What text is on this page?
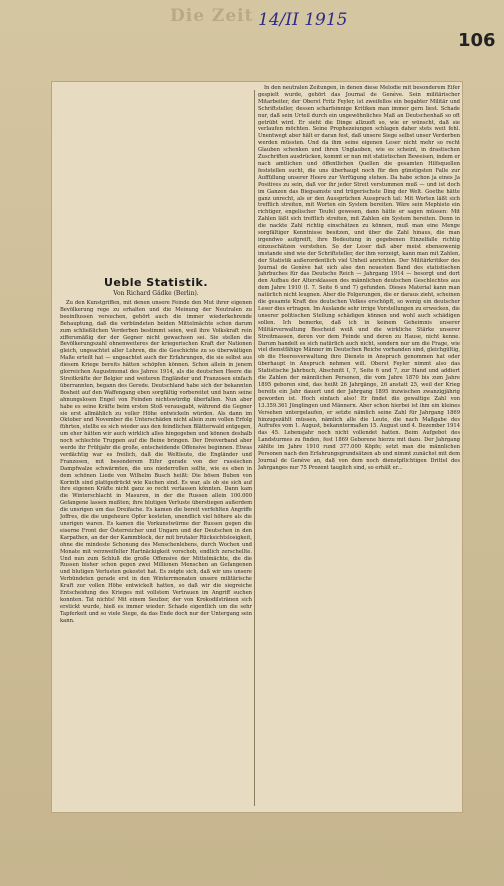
Die Zeit 14/II 1915
106
Ueble Statistik.
Von Richard Gädke (Berlin).

Zu den Kunstgriffen, mit denen unsere Feinde den Mut ihrer eigenen Bevölkerung rege zu erhalten und die Meinung der Neutralen zu beeinflussen versuchen, gehört auch die immer wiederkehrende Behauptung, daß die verbündeten beiden Mittelmächte schon darum zum schließlichen Verderben bestimmt seien, weil ihre Volkskraft rein zifferumäßig der der Gegner nicht gewachsen sei. Sie stellen die Bevölkerungszahl ohnenweiteres der kriegerischen Kraft der Nationen gleich, ungeachtet aller Lehren, die die Geschichte zu so überwältigen Maße erteilt hat — ungeachtet auch der Erfahrungen, die sie selbst aus diesem Kriege bereits hätten schöpfen können. Schon allein in jenem glorreichen Augustmonat des Jahres 1914, als die deutschen Heere die Streitkräfte der Belgier und weiteren Engländer und Franzosen einfach überrannten, begann des Gerede. Deutschland habe sich der bekannten Bosheit auf den Waffengang eben sorgfältig vorbereitet und bann seine ahnungslosen Engel von Feinden nichtswürdig überfallen. Nun aber habe es seine Kräfte beim ersten Stoß verausgabt, während die Gegner sie erst allmählich zu voller Höhe entwickeln würden. Als dann im Oktober und November die Unterschäden nicht allein zum vollen Erfolg führten, stellte es sich wieder aus den feindlichen Blätterwald entgegen, um eher hätten wir auch wirklich alles hingegeben und können deshalb noch schlechte Truppen auf die Beine bringen. Der Dreiverband aber werde ihr Frühjahr die große, entscheidende Offensive beginnen. Etwas verdächtig war es freilich, daß die Weltleute, die Engländer und Franzosen, mit besonderem Eifer gerade von der russischen Dampfwalze schwärmten, die uns niederrollen sollte, wie es eben in dem schönen Liede von Wilhelm Busch heißt: Die bösen Buben von Korinth sind plattgedrückt wie Kuchen sind. Es war, als ob sie sich auf ihre eigenen Kräfte nicht ganz so recht verlassen könnten. Dann kam die Winterschlacht in Masuren, in der die Russen allein 100.000 Gefangene lassen mußten; ihre blutigen Verluste überstiegen außerdem die unsrigen um das Dreifache. Es kamen die bereit verfehlten Angriffe Joffres, die die ungeheure Opfer kosteten, unendlich viel höhere als die unsrigen waren. Es kamen die Vorkunstwürme der Russen gegen die eiserne Front der Österreicher und Ungarn und der Deutschen in den Karpathen, an der der Kammblock, der mit brutaler Rücksichtslosigkeit, ohne die mindeste Schonung des Menschenlebens, durch Wochen und Monate mit verzweifelter Hartnäckigkeit vorschob, endlich zerschellte. Und nun zum Schluß die große Offensive der Mittelmächte, die die Russen bisher schon gegen zwei Millionen Menschen an Gefangenen und blutigen Verlusten gekostet hat. Es zeigte sich, daß wir uns unsere Verbündeten gerade erst in den Winterrmonaten unsere militärische Kraft zur vollen Höhe entwickelt hatten, so daß wir die siegreiche Entscheidung des Krieges mit vollstem Vertrauen im Angriff suchen konnten. Tat nichts! Mit einem Seufzer, der von Krokodilstränen sich erstickt wurde, hieß es immer wieder: Schade eigentlich um die sehr Tapferkeit und so viele Siege, da das Ende doch nur der Untergang sein kann.

In den neutralen Zeitungen, in denen diese Melodie mit besonderem Eifer gespielt wurde, gehört das Journal de Genève. Sein militärischer Mitarbeiter, der Oberst Fritz Feyler, ist zweifellos ein begabter Militär und Schriftsteller, dessen scharfsinnige Kritiken man immer gern liest. Schade nur, daß sein Urteil durch ein ungewöhnliches Maß an Deutschenhaß so oft getrübt wird. Er sieht die Dinge allzuoft so, wie er wünscht, daß sie verlaufen möchten. Seine Prophezeiungen schlagen daher stets weit fehl. Unentwegt aber hält er daran fest, daß unsere Siege selbst unser Verderben werden müssten. Und da ihm seine eigenen Leser nicht mehr so recht Glauben schenken und ihren Unglauben, wie es scheint, in drastischen Zuschriften ausdrücken, kommt er nun mit statistischen Beweisen, indem er nach amtlichen und öffentlichen Quellen die gesamten Hilfsquellen feststellen sucht, die uns überhaupt noch für den günstigsten Falle zur Auffüllung unserer Heere zur Verfügung stehen. Da habe schon ja eines Ja Positives zu sein, daß vor ihr jeder Streit verstummen muß — und ist doch im Ganzen das Biegsamste und trügerischste Ding der Welt. Goethe hätte ganz unrecht, als er den Aussprüchen Ausspruch tat: Mit Worten läßt sich trefflich streiten, mit Worten ein System bereiten. Wäre sein Mephisto ein richtiger, engelischer Teufel gewesen, dann hätte er sagen müssen: Mit Zahlen läßt sich trefflich streiten, mit Zahlen ein System bereiten. Denn in die nackte Zahl richtig einschätzen zu können, muß man eine Menge sorgfältiger Kenntnisse besitzen, und über die Zahl hinaus, die man irgendwo aufgreift, ihre Bedeutung in gegebenen Einzelfalle richtig einzuschätzen verstehen. So der Leser daß aber meist ebensowenig imstande sind wie der Schriftsteller, der ihm vorzeigt, kann man mit Zahlen, der Statistik außerordentlich viel Unheil anrichten. Der Militärkritiker des Journal de Genève hat sich also den neuesten Band des statistischen Jahrbuches für das Deutsche Reich — Jahrgang 1914 — besorgt und dort den Aufbau der Altersklassen des männlichen deutschen Geschlechtes aus dem Jahre 1910 (I. 7. Seite 6 und 7) gefunden. Dieses Material kann man natürlich nicht leugnen. Aber die Folgerungen, die er daraus zieht, scheinen die gesamte Kraft des deutschen Volkes erschöpft, so wenig ein deutscher Leser dies ertragen. Im Auslande sehr irrige Vorstellungen zu erwecken, die unserer politischen Stellung schädigen können und wohl auch schädigen sollen. Ich bemerke, daß ich in keinem Geheimnis unserer Militärverwaltung Bescheid weiß und die wirkliche Stärke unserer Streitmassen, deren vor dem Feinde und deren zu Hause, nicht kenne. Darum handelt es sich natürlich auch nicht, sondern nur um die Frage, wie viel dienstfähige Männer im Deutschen Reiche vorhanden sind, gleichgültig, ob die Heeresverwaltung ihre Dienste in Anspruch genommen hat oder überhaupt in Anspruch nehmen will. Oberst Feyler nimmt also das Statistische Jahrbuch, Abschnitt I, 7, Seite 6 und 7, zur Hand und addiert die Zahlen der männlichen Personen, die vom Jahre 1870 bis zum Jahre 1895 geboren sind, das heißt 26 Jahrgänge, 26 anstatt 25, weil der Krieg bereits ein Jahr dauert und der Jahrgang 1895 inzwischen zwanzigjährig geworden ist. Hoch einfach also! Er findet die gewaltige Zahl von 13.359.361 Jünglingen und Männern. Aber schon hierbei ist ihm ein kleines Versehen untergelaufen, er setzte nämlich seine Zahl für Jahrgang 1869 hinzugezählt müssen, nämlich alle die Leute, die nach Maßgabe des Aufrufes vom 1. August, bekanntermaßen 15. August und 4. Dezember 1914 das 45. Lebensjahr noch nicht vollendet hatten. Beim Aufgebot des Landsturmes zu finden, fest 1869 Geborene hierzu mit dazu. Der Jahrgang zählte im Jahre 1910 rund 377.000 Köpfe; setzt man die männlichen Personen nach den Erfahrungsgrundsätzen ab und nimmt zunächst mit dem Journal de Genève an, daß von dem noch dienstpflichtigen Drittel des Jahrganges nur 75 Prozent tauglich sind, so erhält er...
